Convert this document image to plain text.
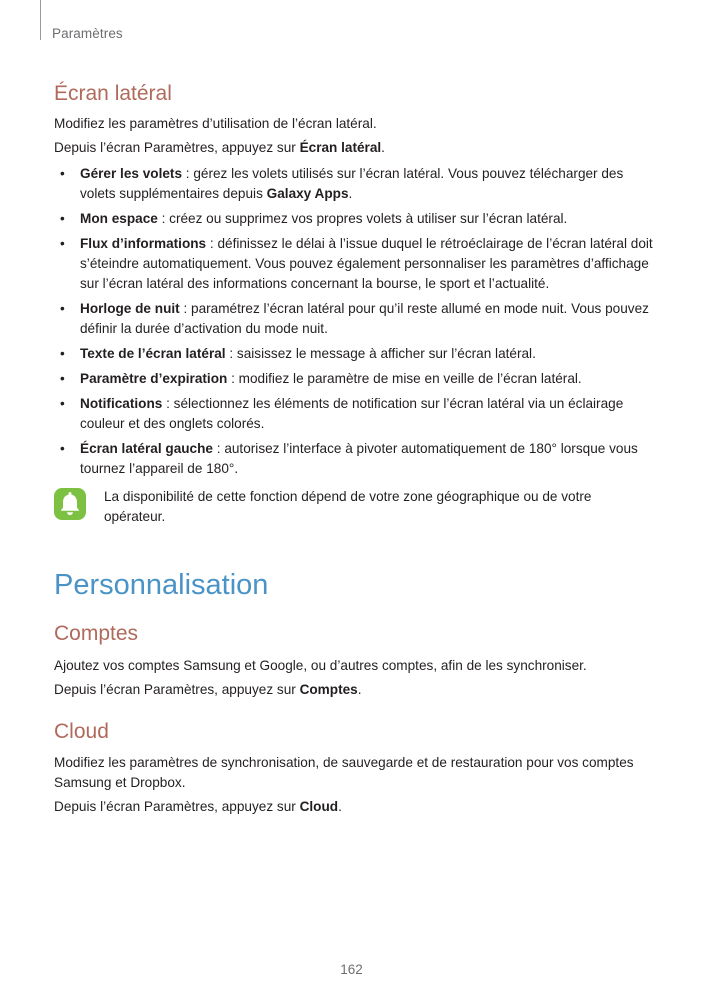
Paramètres
Écran latéral

Modifiez les paramètres d’utilisation de l’écran latéral.

Depuis l’écran Paramètres, appuyez sur Écran latéral.

• Gérer les volets : gérez les volets utilisés sur l’écran latéral. Vous pouvez télécharger des volets supplémentaires depuis Galaxy Apps.
• Mon espace : créez ou supprimez vos propres volets à utiliser sur l’écran latéral.
• Flux d’informations : définissez le délai à l’issue duquel le rétroéclairage de l’écran latéral doit s’éteindre automatiquement. Vous pouvez également personnaliser les paramètres d’affichage sur l’écran latéral des informations concernant la bourse, le sport et l’actualité.
• Horloge de nuit : paramétrez l’écran latéral pour qu’il reste allumé en mode nuit. Vous pouvez définir la durée d’activation du mode nuit.
• Texte de l’écran latéral : saisissez le message à afficher sur l’écran latéral.
• Paramètre d’expiration : modifiez le paramètre de mise en veille de l’écran latéral.
• Notifications : sélectionnez les éléments de notification sur l’écran latéral via un éclairage couleur et des onglets colorés.
• Écran latéral gauche : autorisez l’interface à pivoter automatiquement de 180° lorsque vous tournez l’appareil de 180°.

La disponibilité de cette fonction dépend de votre zone géographique ou de votre opérateur.

Personnalisation
Comptes

Ajoutez vos comptes Samsung et Google, ou d’autres comptes, afin de les synchroniser.

Depuis l’écran Paramètres, appuyez sur Comptes.

Cloud

Modifiez les paramètres de synchronisation, de sauvegarde et de restauration pour vos comptes Samsung et Dropbox.

Depuis l’écran Paramètres, appuyez sur Cloud.

162
